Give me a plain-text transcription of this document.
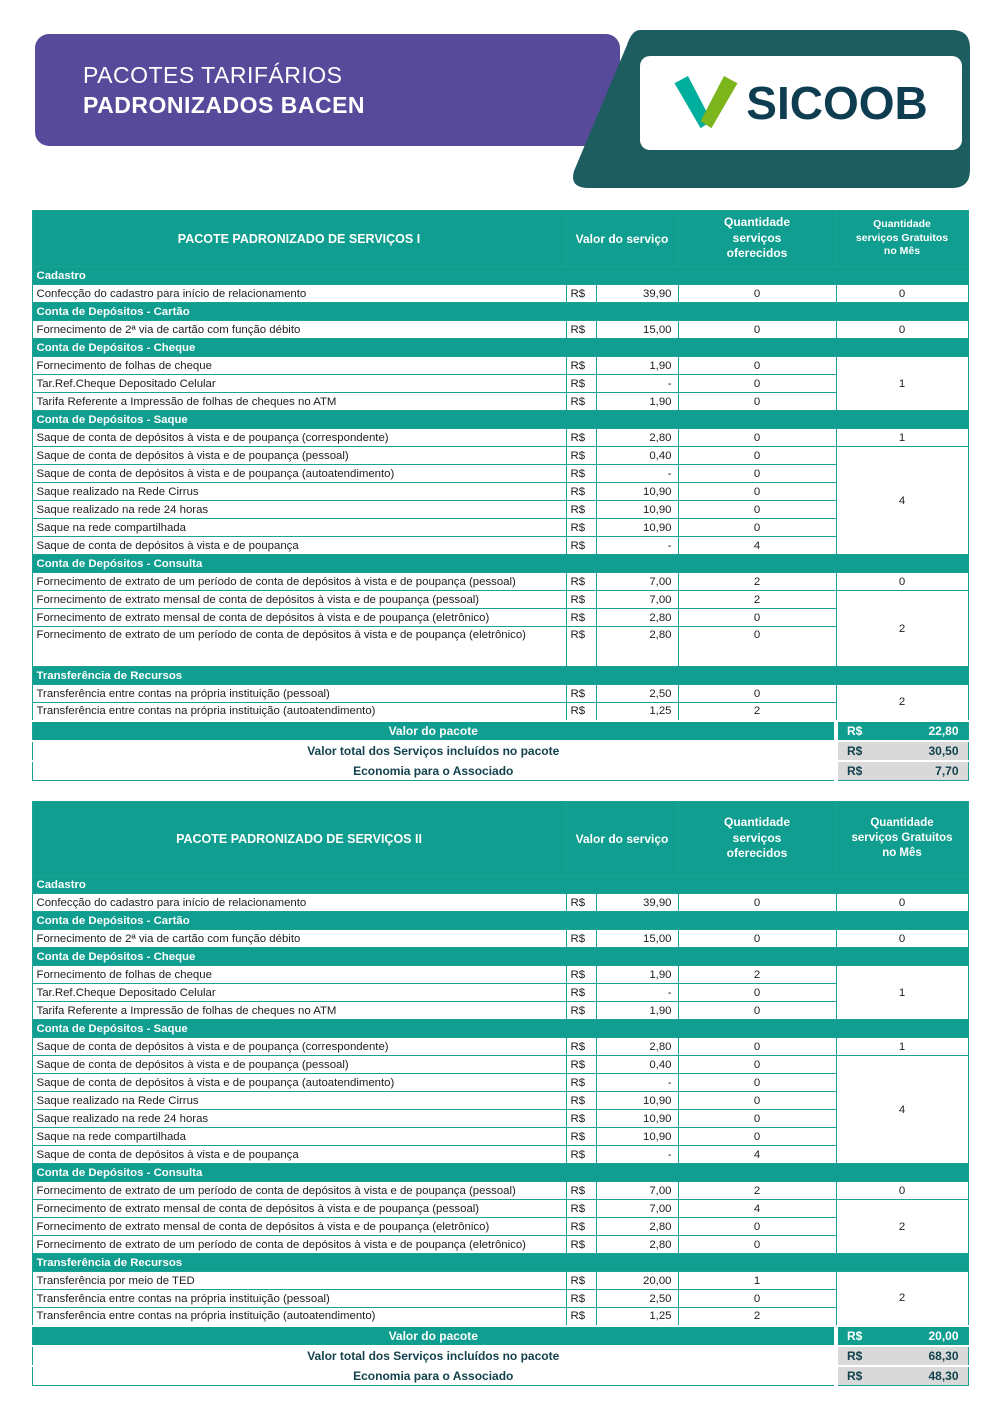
PACOTES TARIFÁRIOS
PADRONIZADOS BACEN	SICOOB
PACOTE PADRONIZADO DE SERVIÇOS I	Valor do serviço		Quantidade serviços oferecidos	Quantidade serviços Gratuitos no Mês
Cadastro				
Confecção do cadastro para início de relacionamento	R$	39,90	0	0
Conta de Depósitos - Cartão				
Fornecimento de 2ª via de cartão com função débito	R$	15,00	0	0
Conta de Depósitos - Cheque				
Fornecimento de folhas de cheque	R$	1,90	0	1
Tar.Ref.Cheque Depositado Celular	R$	-	0	
Tarifa Referente a Impressão de folhas de cheques no ATM	R$	1,90	0	
Conta de Depósitos - Saque				
Saque de conta de depósitos à vista e de poupança (correspondente)	R$	2,80	0	1
Saque de conta de depósitos à vista e de poupança (pessoal)	R$	0,40	0	4
Saque de conta de depósitos à vista e de poupança (autoatendimento)	R$	-	0	
Saque realizado na Rede Cirrus	R$	10,90	0	
Saque realizado na rede 24 horas	R$	10,90	0	
Saque na rede compartilhada	R$	10,90	0	
Saque de conta de depósitos à vista e de poupança	R$	-	4	
Conta de Depósitos - Consulta				
Fornecimento de extrato de um período de conta de depósitos à vista e de poupança (pessoal)	R$	7,00	2	0
Fornecimento de extrato mensal de conta de depósitos à vista e de poupança (pessoal)	R$	7,00	2	2
Fornecimento de extrato mensal de conta de depósitos à vista e de poupança (eletrônico)	R$	2,80	0	
Fornecimento de extrato de um período de conta de depósitos à vista e de poupança (eletrônico)	R$	2,80	0	
Transferência de Recursos				
Transferência entre contas na própria instituição (pessoal)	R$	2,50	0	2
Transferência entre contas na própria instituição (autoatendimento)	R$	1,25	2	
Valor do pacote				R$ 22,80

Valor total dos Serviços incluídos no pacote				R$ 30,50

Economia para o Associado				R$ 7,70
PACOTE PADRONIZADO DE SERVIÇOS II	Valor do serviço		Quantidade serviços oferecidos	Quantidade serviços Gratuitos no Mês
Cadastro				
Confecção do cadastro para início de relacionamento	R$	39,90	0	0
Conta de Depósitos - Cartão				
Fornecimento de 2ª via de cartão com função débito	R$	15,00	0	0
Conta de Depósitos - Cheque				
Fornecimento de folhas de cheque	R$	1,90	2	1
Tar.Ref.Cheque Depositado Celular	R$	-	0	
Tarifa Referente a Impressão de folhas de cheques no ATM	R$	1,90	0	
Conta de Depósitos - Saque				
Saque de conta de depósitos à vista e de poupança (correspondente)	R$	2,80	0	1
Saque de conta de depósitos à vista e de poupança (pessoal)	R$	0,40	0	4
Saque de conta de depósitos à vista e de poupança (autoatendimento)	R$	-	0	
Saque realizado na Rede Cirrus	R$	10,90	0	
Saque realizado na rede 24 horas	R$	10,90	0	
Saque na rede compartilhada	R$	10,90	0	
Saque de conta de depósitos à vista e de poupança	R$	-	4	
Conta de Depósitos - Consulta				
Fornecimento de extrato de um período de conta de depósitos à vista e de poupança (pessoal)	R$	7,00	2	0
Fornecimento de extrato mensal de conta de depósitos à vista e de poupança (pessoal)	R$	7,00	4	2
Fornecimento de extrato mensal de conta de depósitos à vista e de poupança (eletrônico)	R$	2,80	0	
Fornecimento de extrato de um período de conta de depósitos à vista e de poupança (eletrônico)	R$	2,80	0	
Transferência de Recursos				
Transferência por meio de TED	R$	20,00	1	2
Transferência entre contas na própria instituição (pessoal)	R$	2,50	0	
Transferência entre contas na própria instituição (autoatendimento)	R$	1,25	2	
Valor do pacote				R$ 20,00

Valor total dos Serviços incluídos no pacote				R$ 68,30

Economia para o Associado				R$ 48,30
